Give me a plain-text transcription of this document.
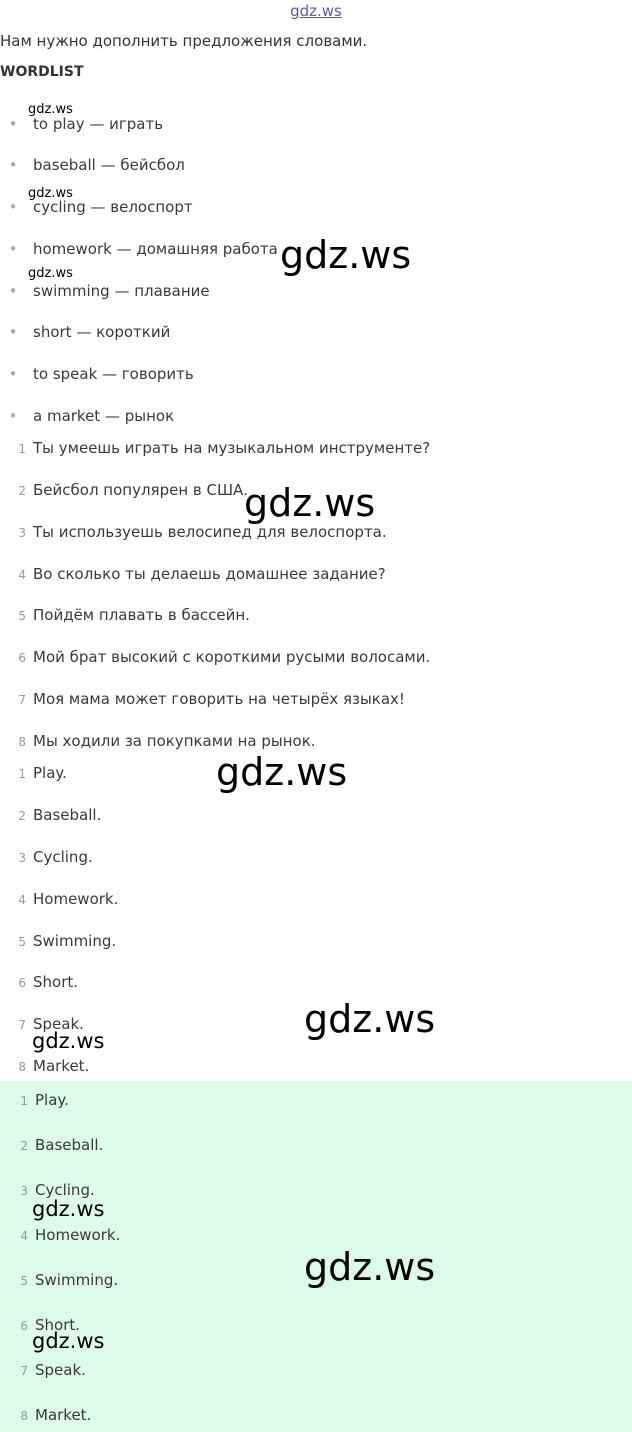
gdz.ws
Нам нужно дополнить предложения словами.
WORDLIST
• to play — играть
• baseball — бейсбол
• cycling — велоспорт
• homework — домашняя работа
• swimming — плавание
• short — короткий
• to speak — говорить
• a market — рынок
1 Ты умеешь играть на музыкальном инструменте?
2 Бейсбол популярен в США.
3 Ты используешь велосипед для велоспорта.
4 Во сколько ты делаешь домашнее задание?
5 Пойдём плавать в бассейн.
6 Мой брат высокий с короткими русыми волосами.
7 Моя мама может говорить на четырёх языках!
8 Мы ходили за покупками на рынок.
1 Play.
2 Baseball.
3 Cycling.
4 Homework.
5 Swimming.
6 Short.
7 Speak.
8 Market.
1 Play.
2 Baseball.
3 Cycling.
4 Homework.
5 Swimming.
6 Short.
7 Speak.
8 Market.
gdz.ws
gdz.ws
gdz.ws	gdz.ws
gdz.ws
gdz.ws
gdz.ws
gdz.ws
gdz.ws
gdz.ws
gdz.ws
